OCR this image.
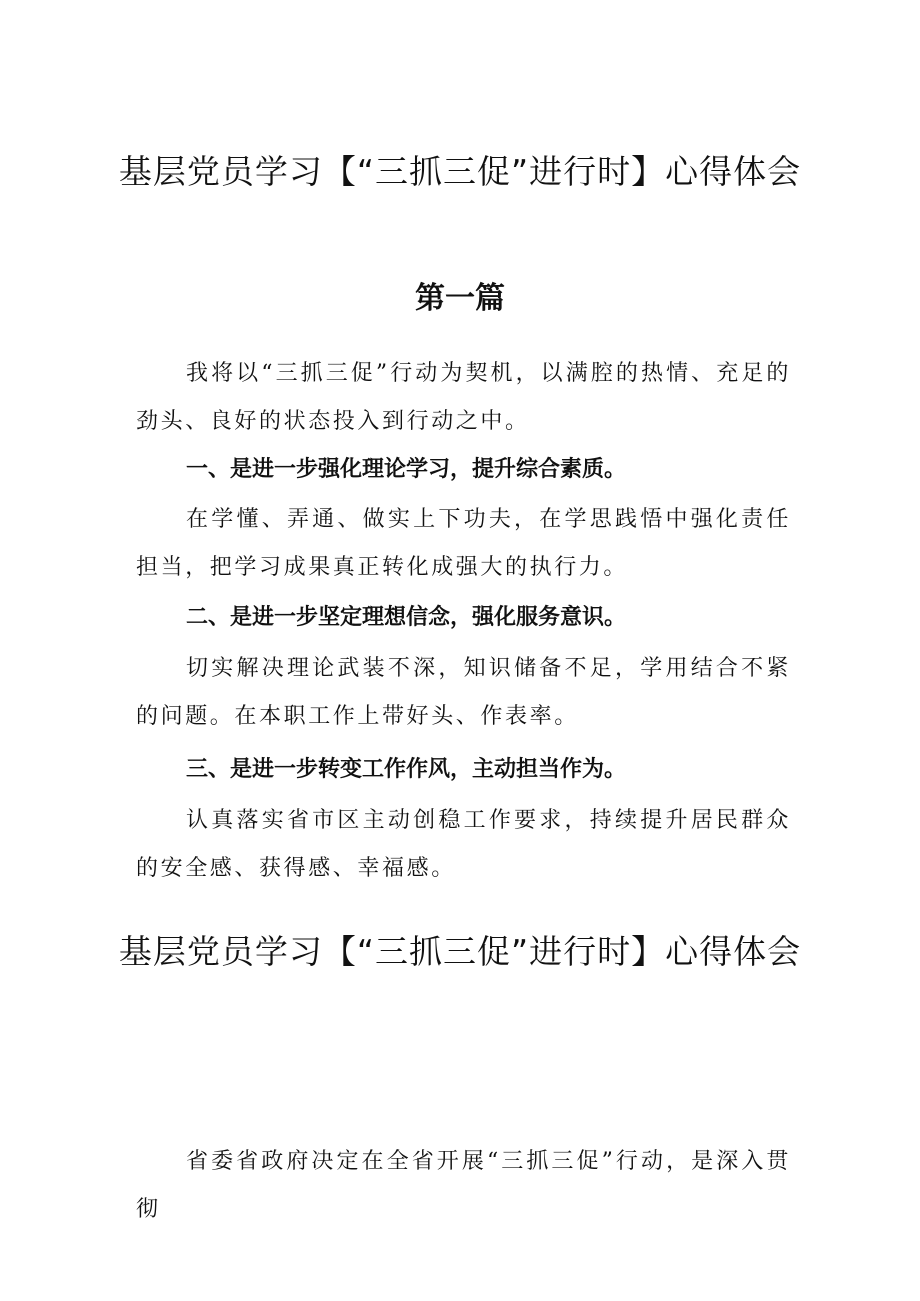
基层党员学习【“三抓三促”进行时】心得体会
第一篇

我将以“三抓三促”行动为契机，以满腔的热情、充足的劲头、良好的状态投入到行动之中。

一、是进一步强化理论学习，提升综合素质。

在学懂、弄通、做实上下功夫，在学思践悟中强化责任担当，把学习成果真正转化成强大的执行力。

二、是进一步坚定理想信念，强化服务意识。

切实解决理论武装不深，知识储备不足，学用结合不紧的问题。在本职工作上带好头、作表率。

三、是进一步转变工作作风，主动担当作为。

认真落实省市区主动创稳工作要求，持续提升居民群众的安全感、获得感、幸福感。

基层党员学习【“三抓三促”进行时】心得体会

省委省政府决定在全省开展“三抓三促”行动，是深入贯彻
